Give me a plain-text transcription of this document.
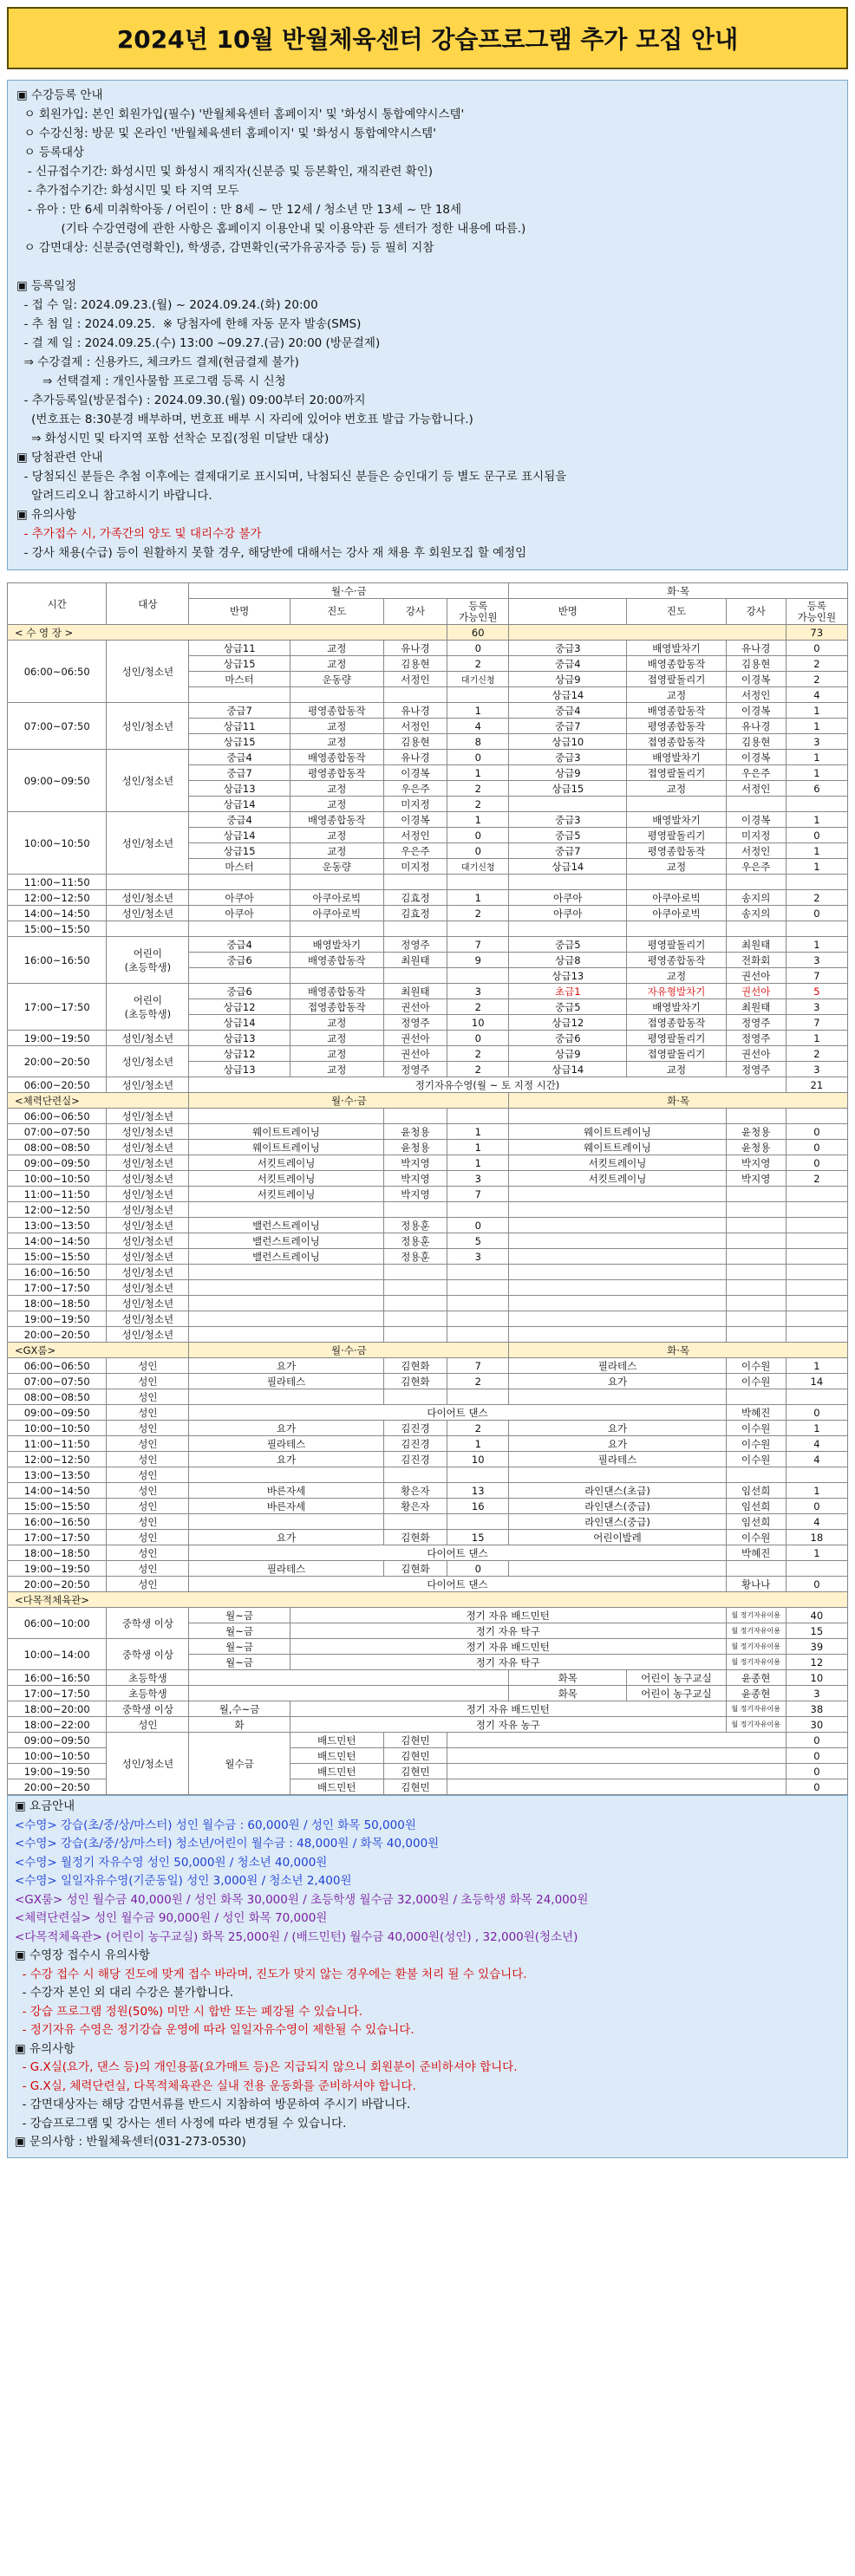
2024년 10월 반월체육센터 강습프로그램 추가 모집 안내
▣ 수강등록 안내
ㅇ 회원가입: 본인 회원가입(필수) '반월체육센터 홈페이지' 및 '화성시 통합예약시스템'
ㅇ 수강신청: 방문 및 온라인 '반월체육센터 홈페이지' 및 '화성시 통합예약시스템'
ㅇ 등록대상
- 신규접수기간: 화성시민 및 화성시 재직자(신분증 및 등본확인, 재직관련 확인)
- 추가접수기간: 화성시민 및 타 지역 모두
- 유아 : 만 6세 미취학아동 / 어린이 : 만 8세 ~ 만 12세 / 청소년 만 13세 ~ 만 18세
(기타 수강연령에 관한 사항은 홈페이지 이용안내 및 이용약관 등 센터가 정한 내용에 따름.)
ㅇ 감면대상: 신분증(연령확인), 학생증, 감면확인(국가유공자증 등) 등 필히 지참

▣ 등록일정
- 접 수 일: 2024.09.23.(월) ~ 2024.09.24.(화) 20:00
- 추 첨 일 : 2024.09.25.  ※ 당첨자에 한해 자동 문자 발송(SMS)
- 결 제 일 : 2024.09.25.(수) 13:00 ~09.27.(금) 20:00 (방문결제)
⇒ 수강결제 : 신용카드, 체크카드 결제(현금결제 불가)
⇒ 선택결제 : 개인사물함 프로그램 등록 시 신청
- 추가등록일(방문접수) : 2024.09.30.(월) 09:00부터 20:00까지
(번호표는 8:30분경 배부하며, 번호표 배부 시 자리에 있어야 번호표 발급 가능합니다.)
⇒ 화성시민 및 타지역 포함 선착순 모집(정원 미달반 대상)
▣ 당첨관련 안내
- 당첨되신 분들은 추첨 이후에는 결제대기로 표시되며, 낙첨되신 분들은 승인대기 등 별도 문구로 표시됨을
알려드리오니 참고하시기 바랍니다.
▣ 유의사항
- 추가접수 시, 가족간의 양도 및 대리수강 불가
- 강사 채용(수급) 등이 원활하지 못할 경우, 해당반에 대해서는 강사 재 채용 후 회원모집 할 예정임
시간	대상	월·수·금				화·목			
		반명	진도	강사	등록
가능인원	반명	진도	강사	등록
가능인원
< 수 영 장 >					60				73
06:00~06:50	성인/청소년	상급11	교정	유나경	0	중급3	배영발차기	유나경	0
		상급15	교정	김용현	2	중급4	배영종합동작	김용현	2
		마스터	운동량	서정인	대기신청	상급9	접영팔돌리기	이경복	2
						상급14	교정	서정인	4
07:00~07:50	성인/청소년	중급7	평영종합동작	유나경	1	중급4	배영종합동작	이경복	1
		상급11	교정	서정인	4	중급7	평영종합동작	유나경	1
		상급15	교정	김용현	8	상급10	접영종합동작	김용현	3
09:00~09:50	성인/청소년	중급4	배영종합동작	유나경	0	중급3	배영발차기	이경복	1
		중급7	평영종합동작	이경복	1	상급9	접영팔돌리기	우은주	1
		상급13	교정	우은주	2	상급15	교정	서정인	6
		상급14	교정	미지정	2				
10:00~10:50	성인/청소년	중급4	배영종합동작	이경복	1	중급3	배영발차기	이경복	1
		상급14	교정	서정인	0	중급5	평영팔돌리기	미지정	0
		상급15	교정	우은주	0	중급7	평영종합동작	서정인	1
		마스터	운동량	미지정	대기신청	상급14	교정	우은주	1
11:00~11:50									
12:00~12:50	성인/청소년	아쿠아	아쿠아로빅	김효정	1	아쿠아	아쿠아로빅	송지의	2
14:00~14:50	성인/청소년	아쿠아	아쿠아로빅	김효정	2	아쿠아	아쿠아로빅	송지의	0
15:00~15:50									
16:00~16:50	어린이
(초등학생)	중급4	배영발차기	정영주	7	중급5	평영팔돌리기	최원태	1
		중급6	배영종합동작	최원태	9	상급8	평영종합동작	전화회	3
						상급13	교정	권선아	7
17:00~17:50	어린이
(초등학생)	중급6	배영종합동작	최원태	3	초급1	자유형발차기	권선아	5
		상급12	접영종합동작	권선아	2	중급5	배영발차기	최원태	3
		상급14	교정	정영주	10	상급12	접영종합동작	정영주	7
19:00~19:50	성인/청소년	상급13	교정	권선아	0	중급6	평영팔돌리기	정영주	1
20:00~20:50	성인/청소년	상급12	교정	권선아	2	상급9	접영팔돌리기	권선아	2
		상급13	교정	정영주	2	상급14	교정	정영주	3
06:00~20:50	성인/청소년	정기자유수영(월 ~ 토 지정 시간)							21
<체력단련실>		월·수·금				화·목			
06:00~06:50	성인/청소년								
07:00~07:50	성인/청소년	웨이트트레이닝		윤청용	1	웨이트트레이닝		윤청용	0
08:00~08:50	성인/청소년	웨이트트레이닝		윤청용	1	웨이트트레이닝		윤청용	0
09:00~09:50	성인/청소년	서킷트레이닝		박지영	1	서킷트레이닝		박지영	0
10:00~10:50	성인/청소년	서킷트레이닝		박지영	3	서킷트레이닝		박지영	2
11:00~11:50	성인/청소년	서킷트레이닝		박지영	7				
12:00~12:50	성인/청소년								
13:00~13:50	성인/청소년	밸런스트레이닝		정용훈	0				
14:00~14:50	성인/청소년	밸런스트레이닝		정용훈	5				
15:00~15:50	성인/청소년	밸런스트레이닝		정용훈	3				
16:00~16:50	성인/청소년								
17:00~17:50	성인/청소년								
18:00~18:50	성인/청소년								
19:00~19:50	성인/청소년								
20:00~20:50	성인/청소년								
<GX룸>		월·수·금				화·목			
06:00~06:50	성인	요가		김현화	7	필라테스		이수원	1
07:00~07:50	성인	필라테스		김현화	2	요가		이수원	14
08:00~08:50	성인								
09:00~09:50	성인	다이어트 댄스						박혜진	0
10:00~10:50	성인	요가		김진경	2	요가		이수원	1
11:00~11:50	성인	필라테스		김진경	1	요가		이수원	4
12:00~12:50	성인	요가		김진경	10	필라테스		이수원	4
13:00~13:50	성인								
14:00~14:50	성인	바른자세		황은자	13	라인댄스(초급)		임선희	1
15:00~15:50	성인	바른자세		황은자	16	라인댄스(중급)		임선희	0
16:00~16:50	성인					라인댄스(중급)		임선희	4
17:00~17:50	성인	요가		김현화	15	어린이발레		이수원	18
18:00~18:50	성인	다이어트 댄스						박혜진	1
19:00~19:50	성인	필라테스		김현화	0				
20:00~20:50	성인	다이어트 댄스						황나나	0
<다목적체육관>									
06:00~10:00	중학생 이상	월~금	정기 자유 배드민턴					월 정기자유이용	40
		월~금	정기 자유 탁구					월 정기자유이용	15
10:00~14:00	중학생 이상	월~금	정기 자유 배드민턴					월 정기자유이용	39
		월~금	정기 자유 탁구					월 정기자유이용	12
16:00~16:50	초등학생					화목	어린이 농구교실	윤종현	10
17:00~17:50	초등학생					화목	어린이 농구교실	윤종현	3
18:00~20:00	중학생 이상	월,수~금	정기 자유 배드민턴					월 정기자유이용	38
18:00~22:00	성인	화	정기 자유 농구					월 정기자유이용	30
09:00~09:50	성인/청소년	월수금	배드민턴	김현민					0
10:00~10:50			배드민턴	김현민					0
19:00~19:50			배드민턴	김현민					0
20:00~20:50			배드민턴	김현민					0
▣ 요금안내
<수영> 강습(초/중/상/마스터) 성인 월수금 : 60,000원 / 성인 화목 50,000원
<수영> 강습(초/중/상/마스터) 청소년/어린이 월수금 : 48,000원 / 화목 40,000원
<수영> 월정기 자유수영 성인 50,000원 / 청소년 40,000원
<수영> 일일자유수영(기준동일) 성인 3,000원 / 청소년 2,400원
<GX룸> 성인 월수금 40,000원 / 성인 화목 30,000원 / 초등학생 월수금 32,000원 / 초등학생 화목 24,000원
<체력단련실> 성인 월수금 90,000원 / 성인 화목 70,000원
<다목적체육관> (어린이 농구교실) 화목 25,000원 / (배드민턴) 월수금 40,000원(성인) , 32,000원(청소년)
▣ 수영장 접수시 유의사항
- 수강 접수 시 해당 진도에 맞게 접수 바라며, 진도가 맞지 않는 경우에는 환불 처리 될 수 있습니다.
- 수강자 본인 외 대리 수강은 불가합니다.
- 강습 프로그램 정원(50%) 미만 시 합반 또는 폐강될 수 있습니다.
- 정기자유 수영은 정기강습 운영에 따라 일일자유수영이 제한될 수 있습니다.
▣ 유의사항
- G.X실(요가, 댄스 등)의 개인용품(요가매트 등)은 지급되지 않으니 회원분이 준비하셔야 합니다.
- G.X실, 체력단련실, 다목적체육관은 실내 전용 운동화를 준비하셔야 합니다.
- 감면대상자는 해당 감면서류를 반드시 지참하여 방문하여 주시기 바랍니다.
- 강습프로그램 및 강사는 센터 사정에 따라 변경될 수 있습니다.
▣ 문의사항 : 반월체육센터(031-273-0530)
